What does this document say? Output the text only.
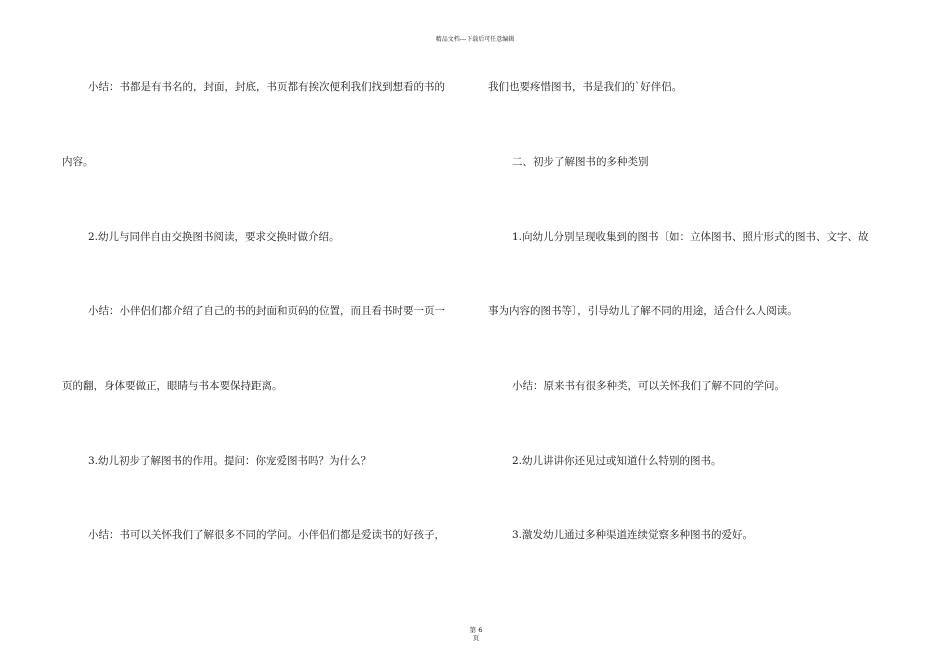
精品文档---下载后可任意编辑
小结：书都是有书名的，封面，封底，书页都有挨次便利我们找到想看的书的
内容。
2.幼儿与同伴自由交换图书阅读，要求交换时做介绍。
小结：小伴侣们都介绍了自己的书的封面和页码的位置，而且看书时要一页一
页的翻，身体要做正，眼睛与书本要保持距离。
3.幼儿初步了解图书的作用。提问：你宠爱图书吗？为什么？
小结：书可以关怀我们了解很多不同的学问。小伴侣们都是爱读书的好孩子，
我们也要疼惜图书，书是我们的`好伴侣。
二、初步了解图书的多种类别
1.向幼儿分别呈现收集到的图书〔如：立体图书、照片形式的图书、文字、故
事为内容的图书等〕，引导幼儿了解不同的用途，适合什么人阅读。
小结：原来书有很多种类，可以关怀我们了解不同的学问。
2.幼儿讲讲你还见过或知道什么特别的图书。
3.激发幼儿通过多种渠道连续觉察多种图书的爱好。
第 6
页
